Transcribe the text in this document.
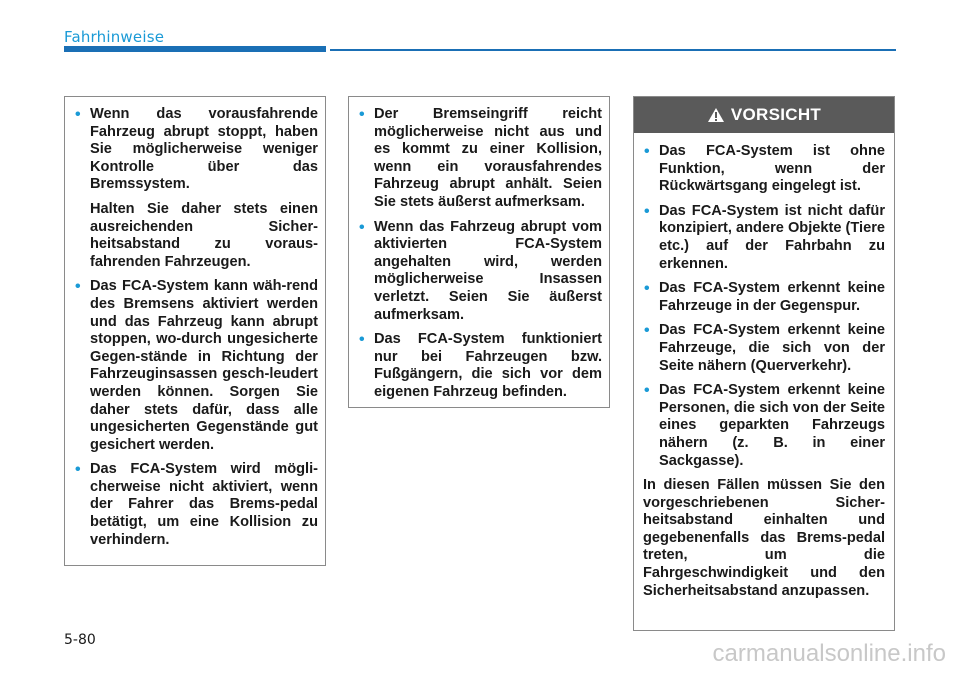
Fahrhinweise
• Wenn das vorausfahrende Fahrzeug abrupt stoppt, haben Sie möglicherweise weniger Kontrolle über das Bremssystem.

Halten Sie daher stets einen ausreichenden Sicher-heitsabstand zu voraus-fahrenden Fahrzeugen.

• Das FCA-System kann wäh-rend des Bremsens aktiviert werden und das Fahrzeug kann abrupt stoppen, wo-durch ungesicherte Gegen-stände in Richtung der Fahrzeuginsassen gesch-leudert werden können. Sorgen Sie daher stets dafür, dass alle ungesicherten Gegenstände gut gesichert werden.
• Das FCA-System wird mögli-cherweise nicht aktiviert, wenn der Fahrer das Brems-pedal betätigt, um eine Kollision zu verhindern.
• Der Bremseingriff reicht möglicherweise nicht aus und es kommt zu einer Kollision, wenn ein vorausfahrendes Fahrzeug abrupt anhält. Seien Sie stets äußerst aufmerksam.
• Wenn das Fahrzeug abrupt vom aktivierten FCA-System angehalten wird, werden möglicherweise Insassen verletzt. Seien Sie äußerst aufmerksam.
• Das FCA-System funktioniert nur bei Fahrzeugen bzw. Fußgängern, die sich vor dem eigenen Fahrzeug befinden.
VORSICHT
• Das FCA-System ist ohne Funktion, wenn der Rückwärtsgang eingelegt ist.
• Das FCA-System ist nicht dafür konzipiert, andere Objekte (Tiere etc.) auf der Fahrbahn zu erkennen.
• Das FCA-System erkennt keine Fahrzeuge in der Gegenspur.
• Das FCA-System erkennt keine Fahrzeuge, die sich von der Seite nähern (Querverkehr).
• Das FCA-System erkennt keine Personen, die sich von der Seite eines geparkten Fahrzeugs nähern (z. B. in einer Sackgasse).

In diesen Fällen müssen Sie den vorgeschriebenen Sicher-heitsabstand einhalten und gegebenenfalls das Brems-pedal treten, um die Fahrgeschwindigkeit und den Sicherheitsabstand anzupassen.

5-80	carmanualsonline.info
